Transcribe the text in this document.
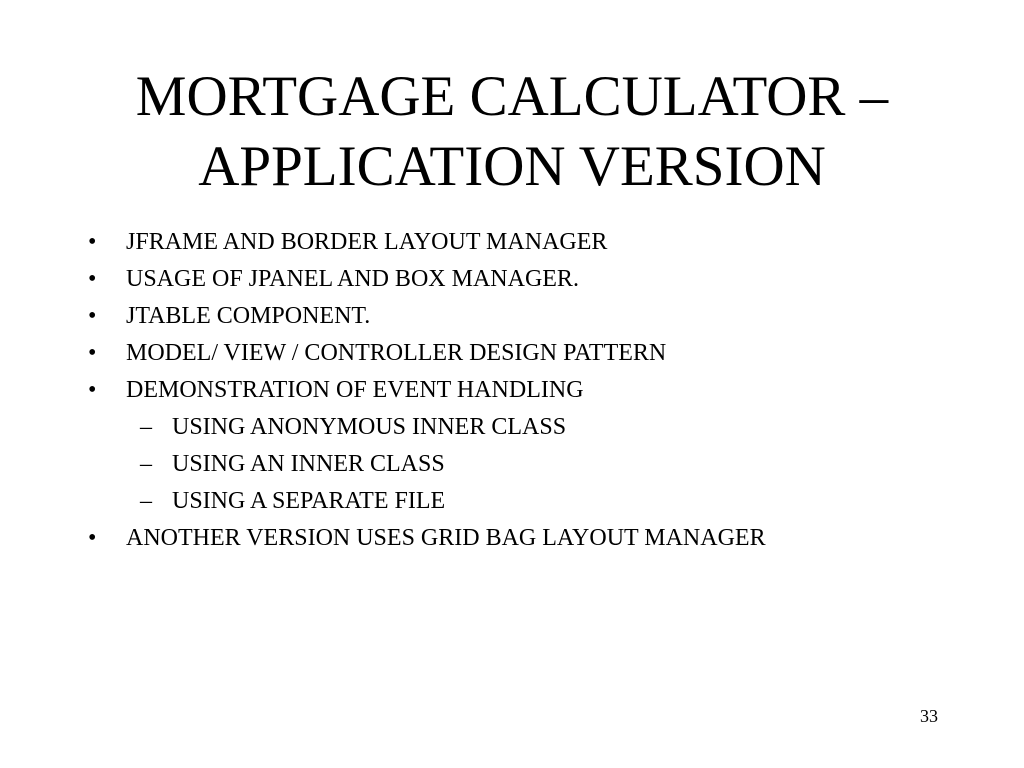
MORTGAGE CALCULATOR –
APPLICATION VERSION
•	JFRAME AND BORDER LAYOUT MANAGER
•	USAGE OF JPANEL AND BOX MANAGER.
•	JTABLE COMPONENT.
•	MODEL/ VIEW / CONTROLLER DESIGN PATTERN
•	DEMONSTRATION OF EVENT HANDLING
– USING ANONYMOUS INNER CLASS
– USING AN INNER CLASS
– USING A SEPARATE FILE
•	ANOTHER VERSION USES GRID BAG LAYOUT MANAGER
33
